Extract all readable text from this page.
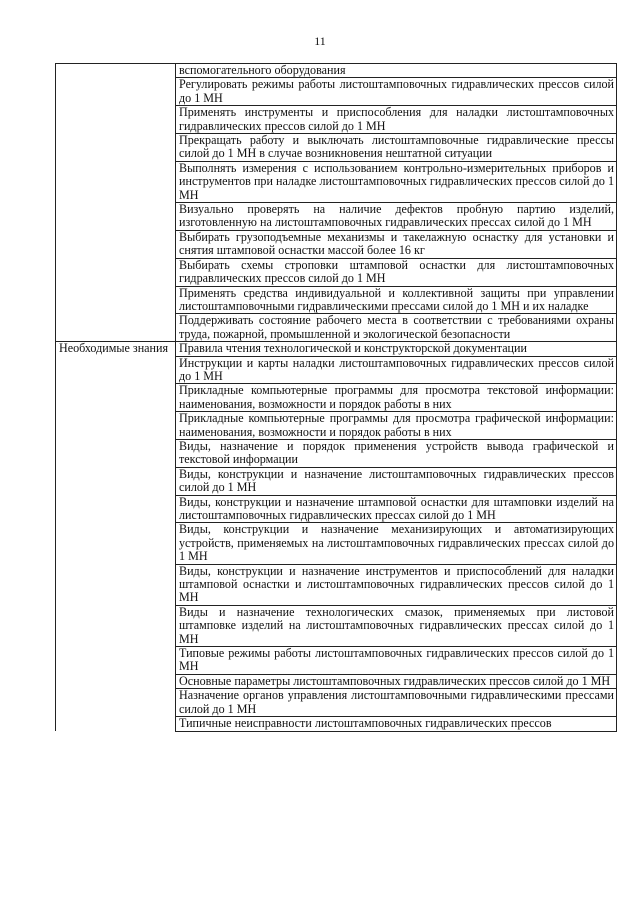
11
	вспомогательного оборудования
	Регулировать режимы работы листоштамповочных гидравлических прессов силой до 1 МН
	Применять инструменты и приспособления для наладки листоштамповочных гидравлических прессов силой до 1 МН
	Прекращать работу и выключать листоштамповочные гидравлические прессы силой до 1 МН в случае возникновения нештатной ситуации
	Выполнять измерения с использованием контрольно-измерительных приборов и инструментов при наладке листоштамповочных гидравлических прессов силой до 1 МН
	Визуально проверять на наличие дефектов пробную партию изделий, изготовленную на листоштамповочных гидравлических прессах силой до 1 МН
	Выбирать грузоподъемные механизмы и такелажную оснастку для установки и снятия штамповой оснастки массой более 16 кг
	Выбирать схемы строповки штамповой оснастки для листоштамповочных гидравлических прессов силой до 1 МН
	Применять средства индивидуальной и коллективной защиты при управлении листоштамповочными гидравлическими прессами силой до 1 МН и их наладке
	Поддерживать состояние рабочего места в соответствии с требованиями охраны труда, пожарной, промышленной и экологической безопасности

Необходимые знания	Правила чтения технологической и конструкторской документации
	Инструкции и карты наладки листоштамповочных гидравлических прессов силой до 1 МН
	Прикладные компьютерные программы для просмотра текстовой информации: наименования, возможности и порядок работы в них
	Прикладные компьютерные программы для просмотра графической информации: наименования, возможности и порядок работы в них
	Виды, назначение и порядок применения устройств вывода графической и текстовой информации
	Виды, конструкции и назначение листоштамповочных гидравлических прессов силой до 1 МН
	Виды, конструкции и назначение штамповой оснастки для штамповки изделий на листоштамповочных гидравлических прессах силой до 1 МН
	Виды, конструкции и назначение механизирующих и автоматизирующих устройств, применяемых на листоштамповочных гидравлических прессах силой до 1 МН
	Виды, конструкции и назначение инструментов и приспособлений для наладки штамповой оснастки и листоштамповочных гидравлических прессов силой до 1 МН
	Виды и назначение технологических смазок, применяемых при листовой штамповке изделий на листоштамповочных гидравлических прессах силой до 1 МН
	Типовые режимы работы листоштамповочных гидравлических прессов силой до 1 МН
	Основные параметры листоштамповочных гидравлических прессов силой до 1 МН
	Назначение органов управления листоштамповочными гидравлическими прессами силой до 1 МН
	Типичные неисправности листоштамповочных гидравлических прессов
